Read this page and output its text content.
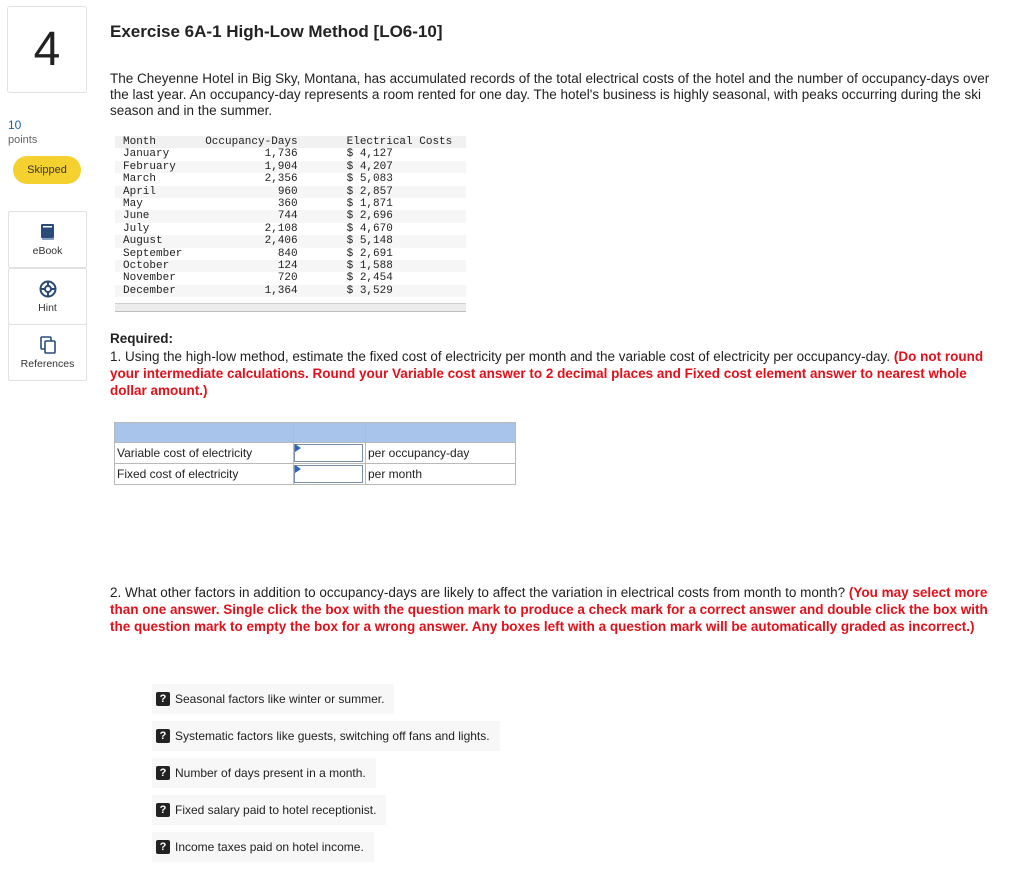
4
10
points
Skipped
eBook
Hint
References
Exercise 6A-1 High-Low Method [LO6-10]
The Cheyenne Hotel in Big Sky, Montana, has accumulated records of the total electrical costs of the hotel and the number of occupancy-days over the last year. An occupancy-day represents a room rented for one day. The hotel's business is highly seasonal, with peaks occurring during the ski season and in the summer.
Month	Occupancy-Days	Electrical Costs
January	1,736	$ 4,127
February	1,904	$ 4,207
March	2,356	$ 5,083
April	960	$ 2,857
May	360	$ 1,871
June	744	$ 2,696
July	2,108	$ 4,670
August	2,406	$ 5,148
September	840	$ 2,691
October	124	$ 1,588
November	720	$ 2,454
December	1,364	$ 3,529
Required:
1. Using the high-low method, estimate the fixed cost of electricity per month and the variable cost of electricity per occupancy-day. (Do not round your intermediate calculations. Round your Variable cost answer to 2 decimal places and Fixed cost element answer to nearest whole dollar amount.)

Variable cost of electricity		per occupancy-day
Fixed cost of electricity		per month
2. What other factors in addition to occupancy-days are likely to affect the variation in electrical costs from month to month? (You may select more than one answer. Single click the box with the question mark to produce a check mark for a correct answer and double click the box with the question mark to empty the box for a wrong answer. Any boxes left with a question mark will be automatically graded as incorrect.)
? Seasonal factors like winter or summer.
? Systematic factors like guests, switching off fans and lights.
? Number of days present in a month.
? Fixed salary paid to hotel receptionist.
? Income taxes paid on hotel income.
